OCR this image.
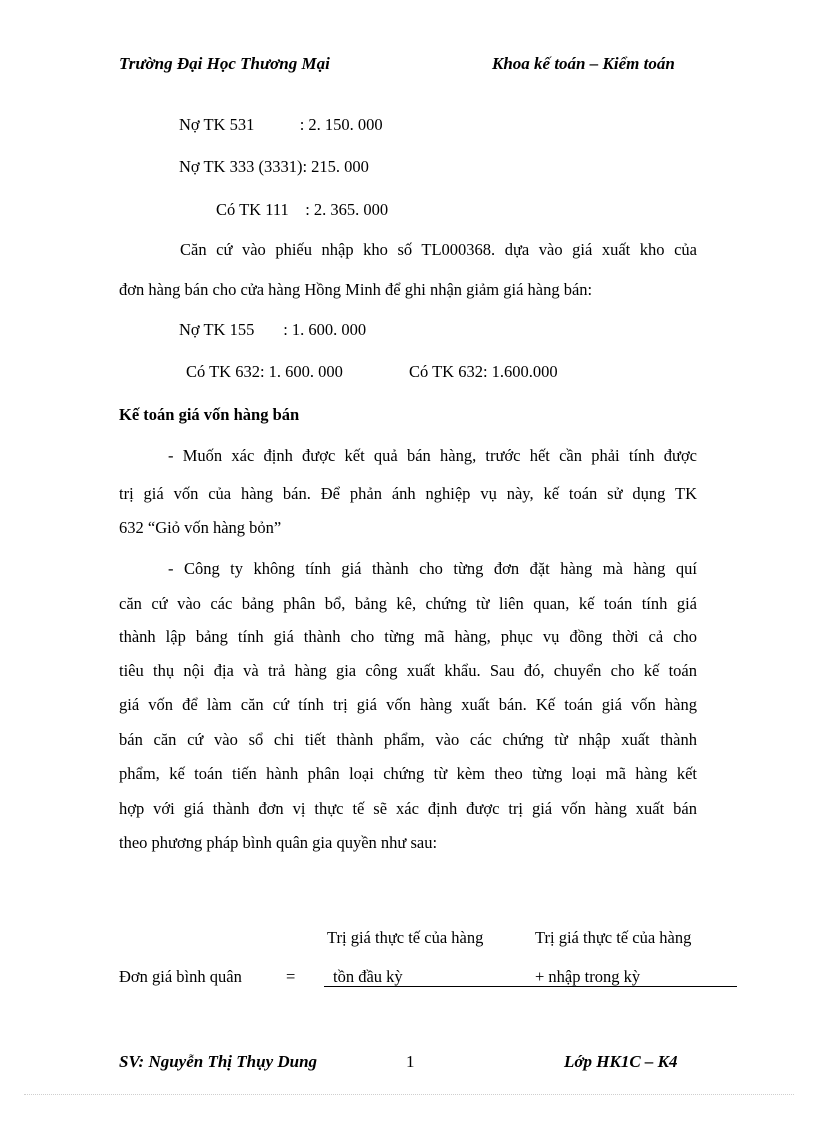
Trường Đại Học Thương Mại	Khoa kế toán – Kiểm toán
Nợ TK 531           : 2. 150. 000
Nợ TK 333 (3331): 215. 000
Có TK 111    : 2. 365. 000
Căn cứ vào phiếu nhập kho số TL000368. dựa vào giá xuất kho của
đơn hàng bán cho cửa hàng Hồng Minh để ghi nhận giảm giá hàng bán:
Nợ TK 155       : 1. 600. 000
Có TK 632: 1. 600. 000	Có TK 632: 1.600.000
Kế toán giá vốn hàng bán
- Muốn xác định được kết quả bán hàng, trước hết cần phải tính được
trị giá vốn của hàng bán. Để phản ánh nghiệp vụ này, kế toán sử dụng TK
632 “Giỏ vốn hàng bỏn”
- Công ty không tính giá thành cho từng đơn đặt hàng mà hàng quí
căn cứ vào các bảng phân bổ, bảng kê, chứng từ liên quan, kế toán tính giá
thành lập bảng tính giá thành cho từng mã hàng, phục vụ đồng thời cả cho
tiêu thụ nội địa và trả hàng gia công xuất khẩu. Sau đó, chuyển cho kế toán
giá vốn để làm căn cứ tính trị giá vốn hàng xuất bán. Kế toán giá vốn hàng
bán căn cứ vào sổ chi tiết thành phẩm, vào các chứng từ nhập xuất thành
phẩm, kế toán tiến hành phân loại chứng từ kèm theo từng loại mã hàng kết
hợp với giá thành đơn vị thực tế sẽ xác định được trị giá vốn hàng xuất bán
theo phương pháp bình quân gia quyền như sau:
Trị giá thực tế của hàng	Trị giá thực tế của hàng
Đơn giá bình quân	= tồn đầu kỳ	+ nhập trong kỳ
SV: Nguyễn Thị Thụy Dung	1	Lớp HK1C – K4
